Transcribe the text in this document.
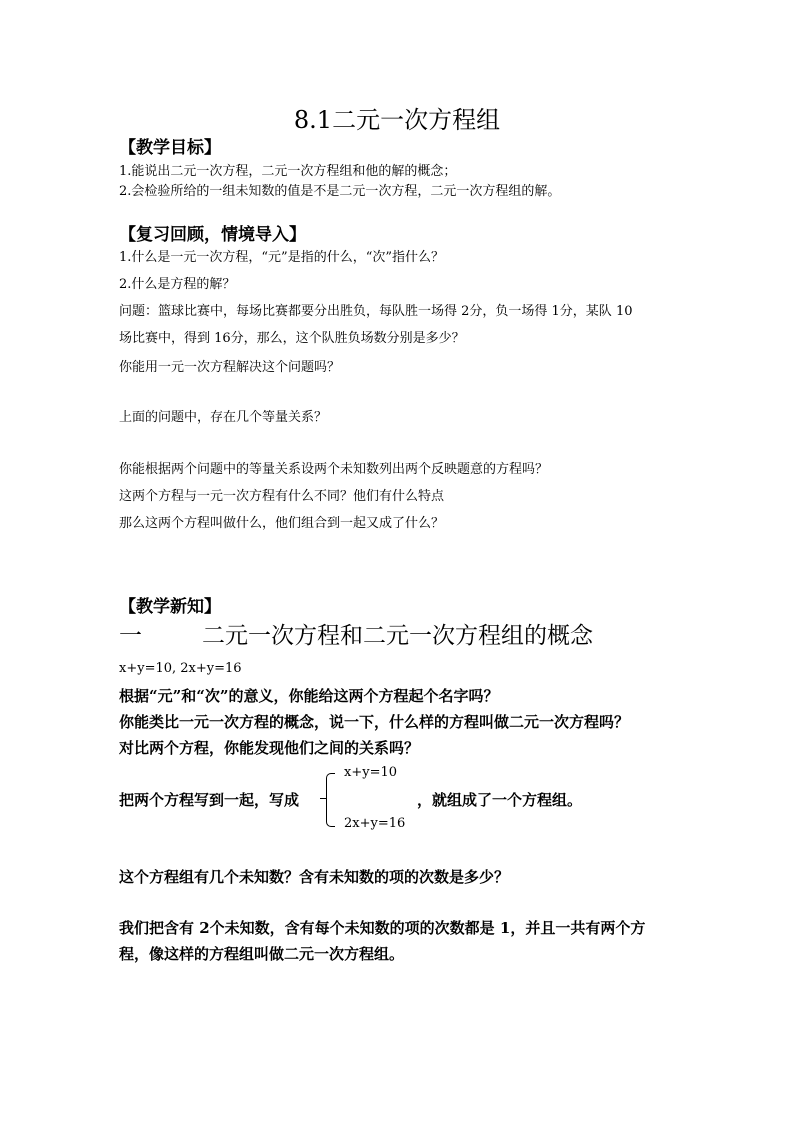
8.1二元一次方程组
【教学目标】
1.能说出二元一次方程，二元一次方程组和他的解的概念；
2.会检验所给的一组未知数的值是不是二元一次方程，二元一次方程组的解。
【复习回顾，情境导入】
1.什么是一元一次方程，“元”是指的什么，“次”指什么？
2.什么是方程的解？
问题：篮球比赛中，每场比赛都要分出胜负，每队胜一场得 2分，负一场得 1分，某队 10
场比赛中，得到 16分，那么，这个队胜负场数分别是多少？
你能用一元一次方程解决这个问题吗？
上面的问题中，存在几个等量关系？
你能根据两个问题中的等量关系设两个未知数列出两个反映题意的方程吗？
这两个方程与一元一次方程有什么不同？他们有什么特点
那么这两个方程叫做什么，他们组合到一起又成了什么？
【教学新知】
一	二元一次方程和二元一次方程组的概念
x+y=10, 2x+y=16
根据“元”和“次”的意义，你能给这两个方程起个名字吗？
你能类比一元一次方程的概念，说一下，什么样的方程叫做二元一次方程吗？
对比两个方程，你能发现他们之间的关系吗？
把两个方程写到一起，写成
x+y=10
2x+y=16
，就组成了一个方程组。
这个方程组有几个未知数？含有未知数的项的次数是多少？
我们把含有 2个未知数，含有每个未知数的项的次数都是 1，并且一共有两个方
程，像这样的方程组叫做二元一次方程组。
